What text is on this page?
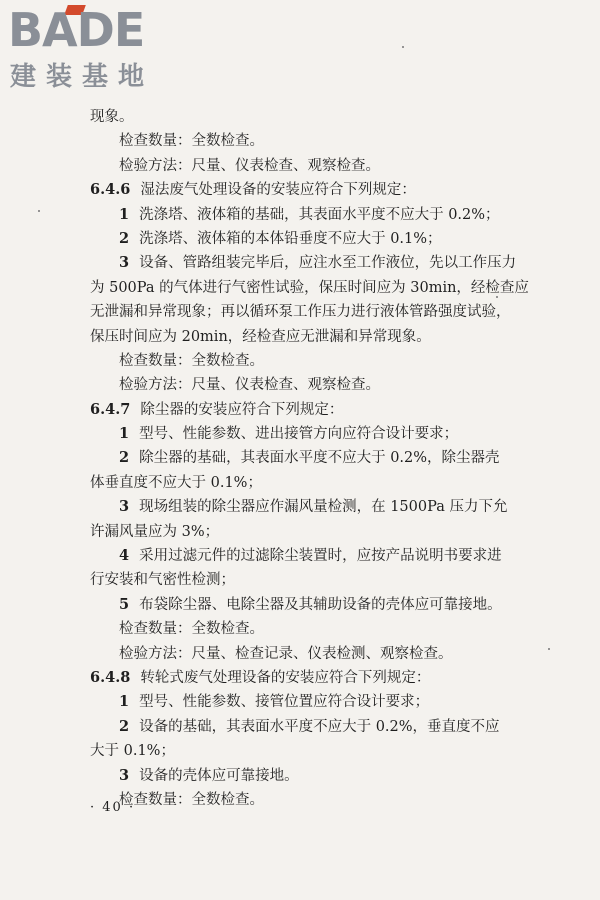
BADE
建装基地
现象。
检查数量：全数检查。
检验方法：尺量、仪表检查、观察检查。
6.4.6 湿法废气处理设备的安装应符合下列规定：
1 洗涤塔、液体箱的基础，其表面水平度不应大于 0.2%；
2 洗涤塔、液体箱的本体铅垂度不应大于 0.1%；
3 设备、管路组装完毕后，应注水至工作液位，先以工作压力
为 500Pa 的气体进行气密性试验，保压时间应为 30min，经检查应
无泄漏和异常现象；再以循环泵工作压力进行液体管路强度试验，
保压时间应为 20min，经检查应无泄漏和异常现象。
检查数量：全数检查。
检验方法：尺量、仪表检查、观察检查。
6.4.7 除尘器的安装应符合下列规定：
1 型号、性能参数、进出接管方向应符合设计要求；
2 除尘器的基础，其表面水平度不应大于 0.2%，除尘器壳
体垂直度不应大于 0.1%；
3 现场组装的除尘器应作漏风量检测，在 1500Pa 压力下允
许漏风量应为 3%；
4 采用过滤元件的过滤除尘装置时，应按产品说明书要求进
行安装和气密性检测；
5 布袋除尘器、电除尘器及其辅助设备的壳体应可靠接地。
检查数量：全数检查。
检验方法：尺量、检查记录、仪表检测、观察检查。
6.4.8 转轮式废气处理设备的安装应符合下列规定：
1 型号、性能参数、接管位置应符合设计要求；
2 设备的基础，其表面水平度不应大于 0.2%，垂直度不应
大于 0.1%；
3 设备的壳体应可靠接地。
检查数量：全数检查。
· 40 ·
